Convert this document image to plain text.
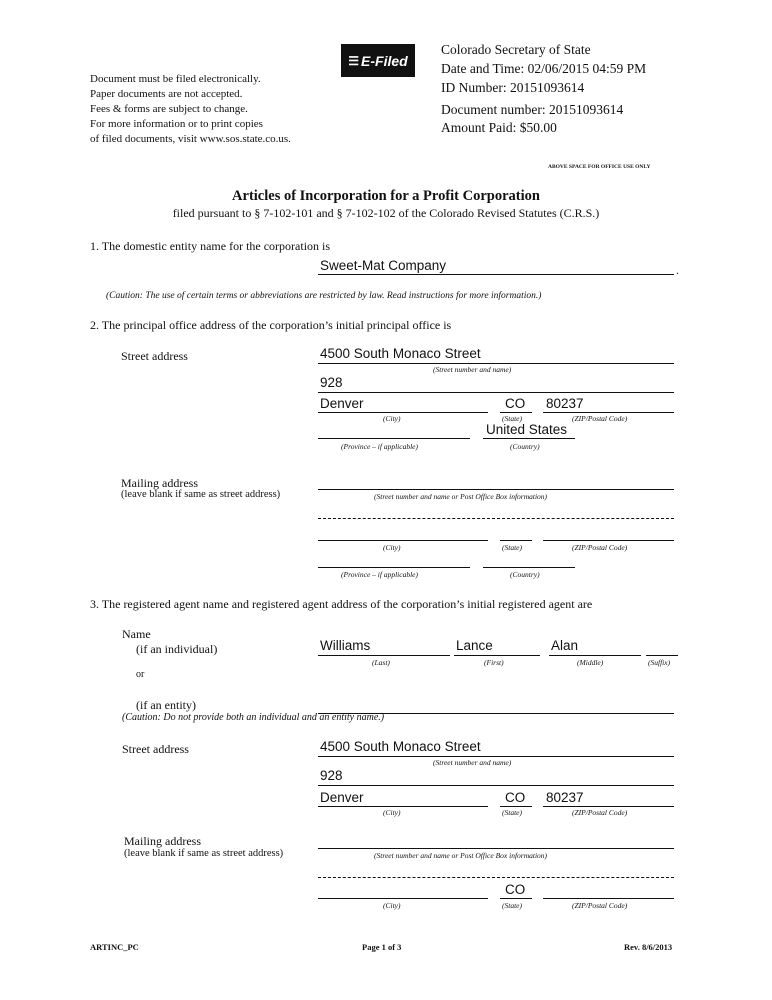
☰ E-Filed
Document must be filed electronically.
Paper documents are not accepted.
Fees & forms are subject to change.
For more information or to print copies
of filed documents, visit www.sos.state.co.us.
Colorado Secretary of State
Date and Time: 02/06/2015 04:59 PM
ID Number: 20151093614
Document number: 20151093614
Amount Paid: $50.00
ABOVE SPACE FOR OFFICE USE ONLY
Articles of Incorporation for a Profit Corporation
filed pursuant to § 7-102-101 and § 7-102-102 of the Colorado Revised Statutes (C.R.S.)
1. The domestic entity name for the corporation is
Sweet-Mat Company	.
(Caution: The use of certain terms or abbreviations are restricted by law. Read instructions for more information.)
2. The principal office address of the corporation’s initial principal office is
Street address	4500 South Monaco Street
(Street number and name)
928
Denver	CO 80237
(City)	(State)	(ZIP/Postal Code)
United States
(Province – if applicable)	(Country)
Mailing address
(leave blank if same as street address)	(Street number and name or Post Office Box information)
(City)	(State)	(ZIP/Postal Code)
(Province – if applicable)	(Country)
3. The registered agent name and registered agent address of the corporation’s initial registered agent are
Name
(if an individual)	Williams	Lance	Alan
(Last)	(First)	(Middle)	(Suffix)
or
(if an entity)
(Caution: Do not provide both an individual and an entity name.)
Street address	4500 South Monaco Street
(Street number and name)
928
Denver	CO 80237
(City)	(State)	(ZIP/Postal Code)
Mailing address
(leave blank if same as street address)	(Street number and name or Post Office Box information)
CO
(City)	(State)	(ZIP/Postal Code)
ARTINC_PC	Page 1 of 3	Rev. 8/6/2013
